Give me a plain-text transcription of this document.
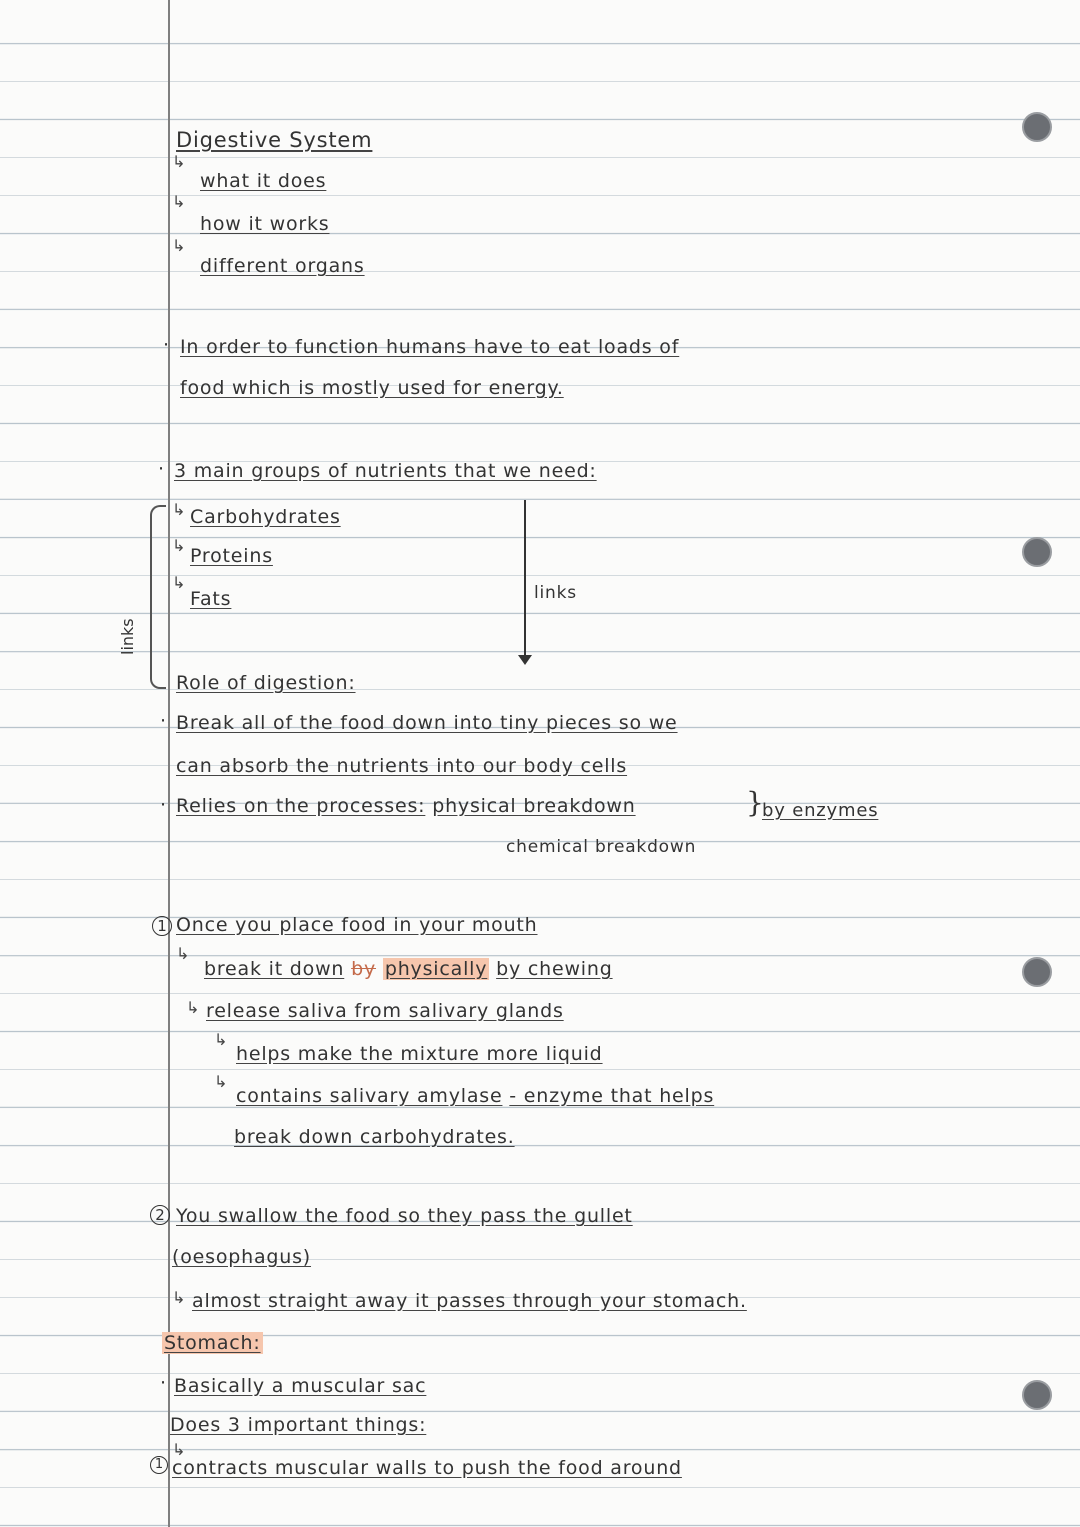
Digestive System
↳
what it does
↳
how it works
↳
different organs
· In order to function humans have to eat loads of
food which is mostly used for energy.
· 3 main groups of nutrients that we need:
↳ Carbohydrates
↳ Proteins
↳
Fats
links
links
Role of digestion:
· Break all of the food down into tiny pieces so we
can absorb the nutrients into our body cells
· Relies on the processes: physical breakdown	}
by enzymes
chemical breakdown
1 Once you place food in your mouth
↳
break it down by physically by chewing
↳ release saliva from salivary glands
↳
helps make the mixture more liquid
↳
contains salivary amylase - enzyme that helps
break down carbohydrates.
2 You swallow the food so they pass the gullet
(oesophagus)
↳ almost straight away it passes through your stomach.
Stomach:
· Basically a muscular sac
Does 3 important things:
↳
1 contracts muscular walls to push the food around
